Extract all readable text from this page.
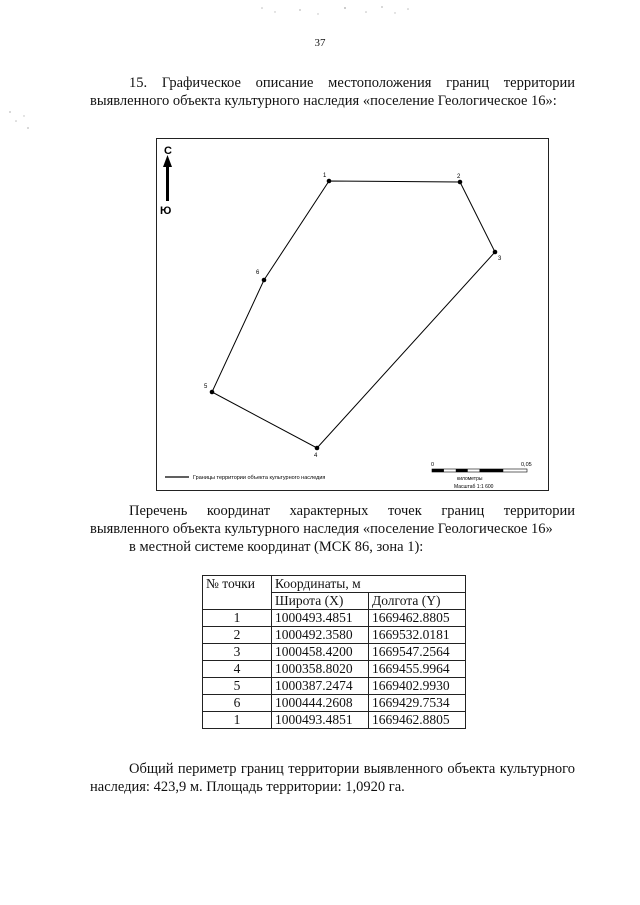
37

15. Графическое описание местоположения границ территории выявленного объекта культурного наследия «поселение Геологическое 16»:

С
Ю
1	2
3
4
5
6
Границы территории объекта культурного наследия
0	0,05
километры
Масштаб 1:1 600
Перечень координат характерных точек границ территории выявленного объекта культурного наследия «поселение Геологическое 16»
в местной системе координат (МСК 86, зона 1):
№ точки	Координаты, м	
	Широта (X)	Долгота (Y)
1	1000493.4851	1669462.8805
2	1000492.3580	1669532.0181
3	1000458.4200	1669547.2564
4	1000358.8020	1669455.9964
5	1000387.2474	1669402.9930
6	1000444.2608	1669429.7534
1	1000493.4851	1669462.8805

Общий периметр границ территории выявленного объекта культурного наследия: 423,9 м. Площадь территории: 1,0920 га.
